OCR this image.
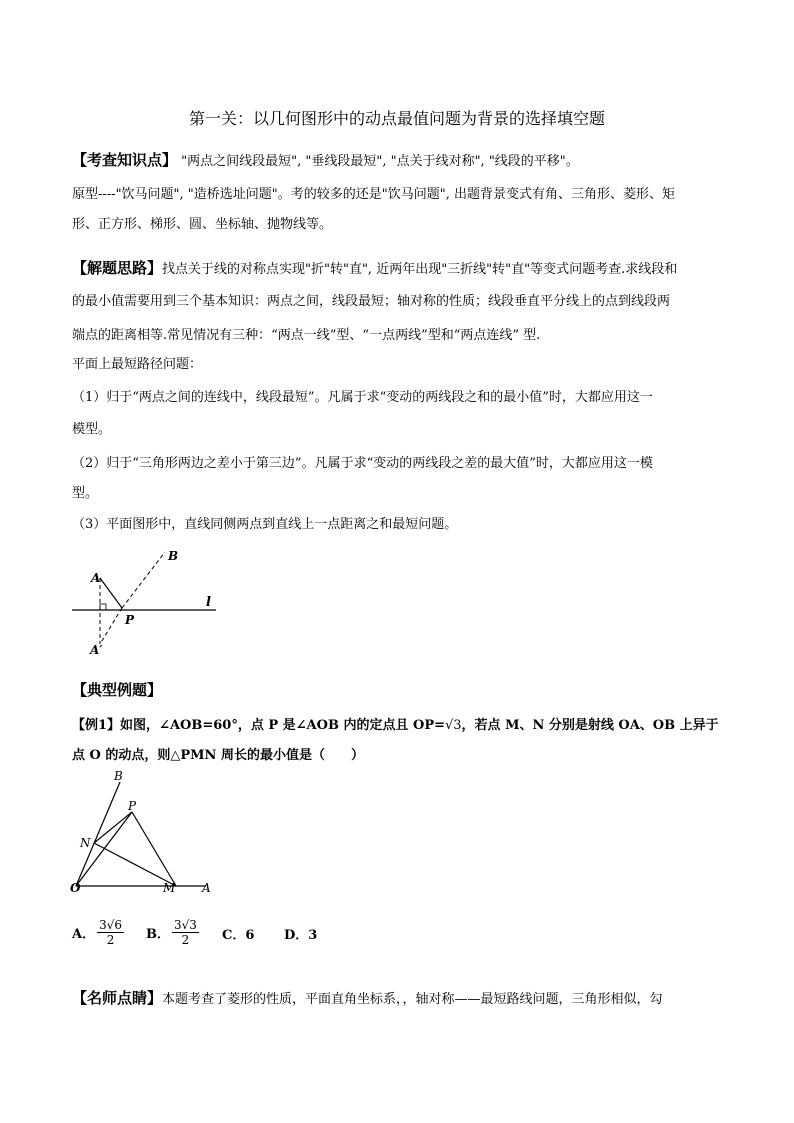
第一关：以几何图形中的动点最值问题为背景的选择填空题
【考查知识点】 "两点之间线段最短", "垂线段最短", "点关于线对称", "线段的平移"。
原型----"饮马问题", "造桥选址问题"。考的较多的还是"饮马问题", 出题背景变式有角、三角形、菱形、矩
形、正方形、梯形、圆、坐标轴、抛物线等。
【解题思路】找点关于线的对称点实现"折"转"直", 近两年出现"三折线"转"直"等变式问题考查.求线段和
的最小值需要用到三个基本知识：两点之间，线段最短；轴对称的性质；线段垂直平分线上的点到线段两
端点的距离相等.常见情况有三种：“两点一线”型、“一点两线”型和“两点连线” 型.
平面上最短路径问题：
（1）归于“两点之间的连线中，线段最短”。凡属于求“变动的两线段之和的最小值”时，大都应用这一
模型。
（2）归于“三角形两边之差小于第三边”。凡属于求“变动的两线段之差的最大值”时，大都应用这一模
型。
（3）平面图形中，直线同侧两点到直线上一点距离之和最短问题。
A
B
P
l
A′
【典型例题】
【例1】如图，∠AOB=60°，点 P 是∠AOB 内的定点且 OP=√3，若点 M、N 分别是射线 OA、OB 上异于
点 O 的动点，则△PMN 周长的最小值是（　　）
B
P
N
O	M A
A． $\frac{3√6}{2}$ B． $\frac{3√3}{2}$ C．6 D．3
【名师点睛】本题考查了菱形的性质，平面直角坐标系，，轴对称——最短路线问题，三角形相似，勾
